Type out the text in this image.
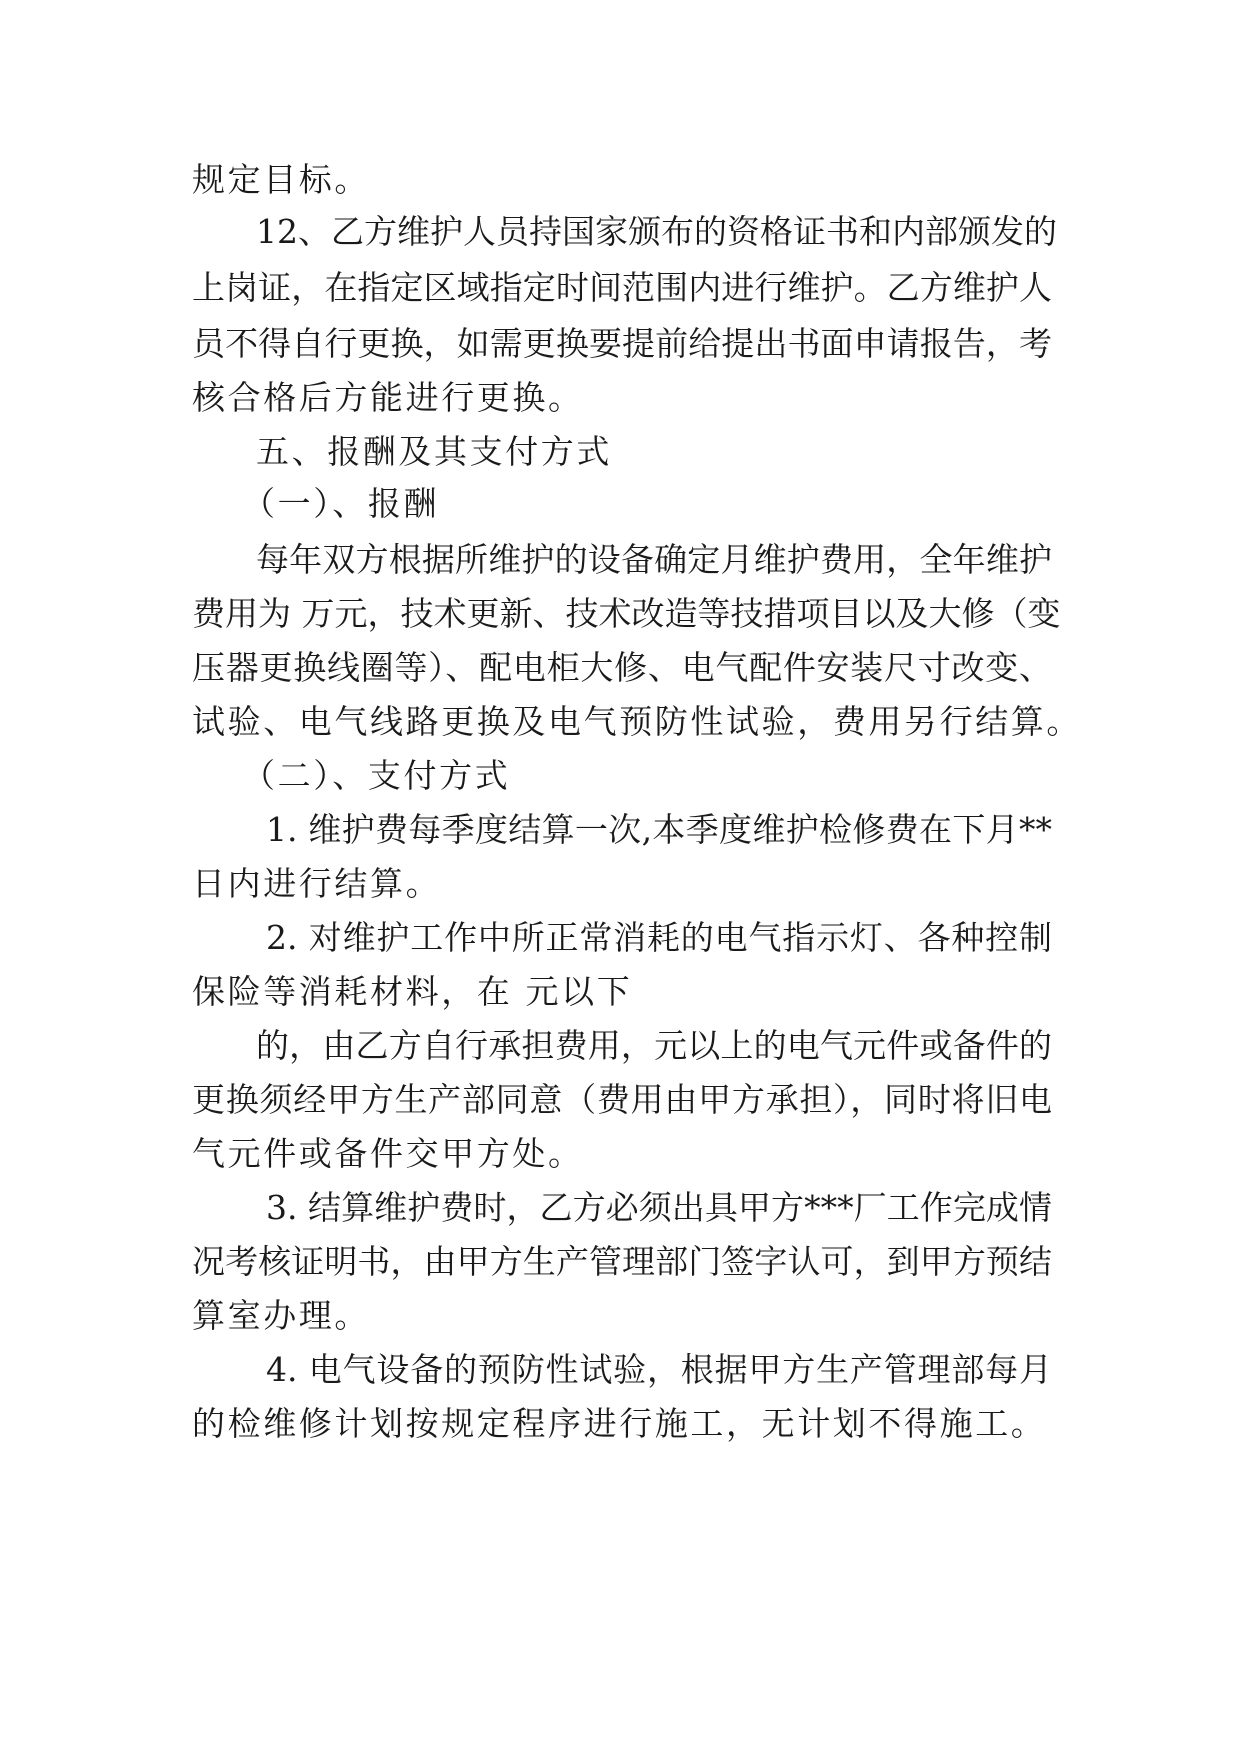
规定目标。
12、乙方维护人员持国家颁布的资格证书和内部颁发的
上岗证，在指定区域指定时间范围内进行维护。乙方维护人
员不得自行更换，如需更换要提前给提出书面申请报告，考
核合格后方能进行更换。
五、报酬及其支付方式
（一）、报酬
每年双方根据所维护的设备确定月维护费用，全年维护
费用为 万元，技术更新、技术改造等技措项目以及大修（变
压器更换线圈等）、配电柜大修、电气配件安装尺寸改变、
试验、电气线路更换及电气预防性试验，费用另行结算。
（二）、支付方式
1. 维护费每季度结算一次,本季度维护检修费在下月**
日内进行结算。
2. 对维护工作中所正常消耗的电气指示灯、各种控制
保险等消耗材料，在 元以下
的，由乙方自行承担费用，元以上的电气元件或备件的
更换须经甲方生产部同意（费用由甲方承担），同时将旧电
气元件或备件交甲方处。
3. 结算维护费时，乙方必须出具甲方***厂工作完成情
况考核证明书，由甲方生产管理部门签字认可，到甲方预结
算室办理。
4. 电气设备的预防性试验，根据甲方生产管理部每月
的检维修计划按规定程序进行施工，无计划不得施工。
